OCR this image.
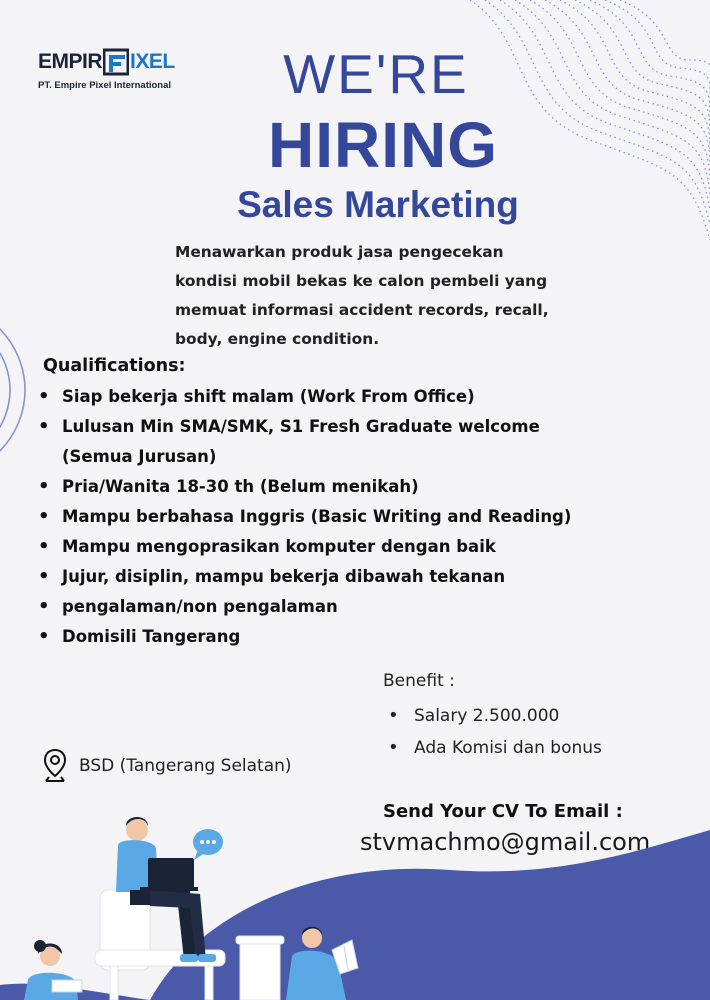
EMPIR IXEL
PT. Empire Pixel International	WE'RE
HIRING
Sales Marketing
Menawarkan produk jasa pengecekan kondisi mobil bekas ke calon pembeli yang memuat informasi accident records, recall, body, engine condition.
Qualifications:
• Siap bekerja shift malam (Work From Office)
• Lulusan Min SMA/SMK, S1 Fresh Graduate welcome (Semua Jurusan)
• Pria/Wanita 18-30 th (Belum menikah)
• Mampu berbahasa Inggris (Basic Writing and Reading)
• Mampu mengoprasikan komputer dengan baik
• Jujur, disiplin, mampu bekerja dibawah tekanan
• pengalaman/non pengalaman
• Domisili Tangerang
Benefit :
• Salary 2.500.000
• Ada Komisi dan bonus
BSD (Tangerang Selatan)
Send Your CV To Email :
stvmachmo@gmail.com
